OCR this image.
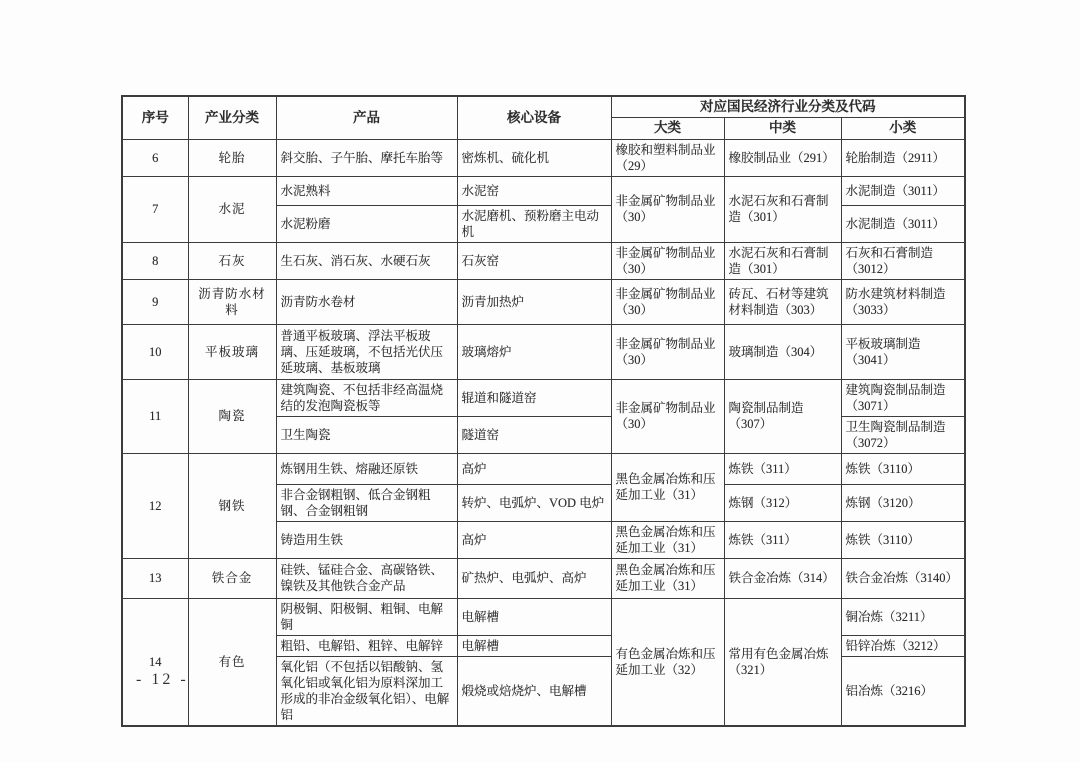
序号	产业分类	产品	核心设备	对应国民经济行业分类及代码		
				大类	中类	小类
6	轮胎	斜交胎、子午胎、摩托车胎等	密炼机、硫化机	橡胶和塑料制品业（29）	橡胶制品业（291）	轮胎制造（2911）
7	水泥	水泥熟料	水泥窑	非金属矿物制品业（30）	水泥石灰和石膏制造（301）	水泥制造（3011）
		水泥粉磨	水泥磨机、预粉磨主电动机			水泥制造（3011）
8	石灰	生石灰、消石灰、水硬石灰	石灰窑	非金属矿物制品业（30）	水泥石灰和石膏制造（301）	石灰和石膏制造（3012）
9	沥青防水材料	沥青防水卷材	沥青加热炉	非金属矿物制品业（30）	砖瓦、石材等建筑材料制造（303）	防水建筑材料制造（3033）
10	平板玻璃	普通平板玻璃、浮法平板玻璃、压延玻璃，不包括光伏压延玻璃、基板玻璃	玻璃熔炉	非金属矿物制品业（30）	玻璃制造（304）	平板玻璃制造（3041）
11	陶瓷	建筑陶瓷、不包括非经高温烧结的发泡陶瓷板等	辊道和隧道窑	非金属矿物制品业（30）	陶瓷制品制造（307）	建筑陶瓷制品制造（3071）
		卫生陶瓷	隧道窑			卫生陶瓷制品制造（3072）
12	钢铁	炼钢用生铁、熔融还原铁	高炉	黑色金属冶炼和压延加工业（31）	炼铁（311）	炼铁（3110）
		非合金钢粗钢、低合金钢粗钢、合金钢粗钢	转炉、电弧炉、VOD 电炉		炼钢（312）	炼钢（3120）
		铸造用生铁	高炉	黑色金属冶炼和压延加工业（31）	炼铁（311）	炼铁（3110）
13	铁合金	硅铁、锰硅合金、高碳铬铁、镍铁及其他铁合金产品	矿热炉、电弧炉、高炉	黑色金属冶炼和压延加工业（31）	铁合金冶炼（314）	铁合金冶炼（3140）
14	有色	阴极铜、阳极铜、粗铜、电解铜	电解槽	有色金属冶炼和压延加工业（32）	常用有色金属冶炼（321）	铜冶炼（3211）
		粗铅、电解铅、粗锌、电解锌	电解槽			铅锌冶炼（3212）
		氧化铝（不包括以铝酸钠、氢氧化铝或氧化铝为原料深加工形成的非冶金级氧化铝）、电解铝	煅烧或焙烧炉、电解槽			铝冶炼（3216）
- 12 -
